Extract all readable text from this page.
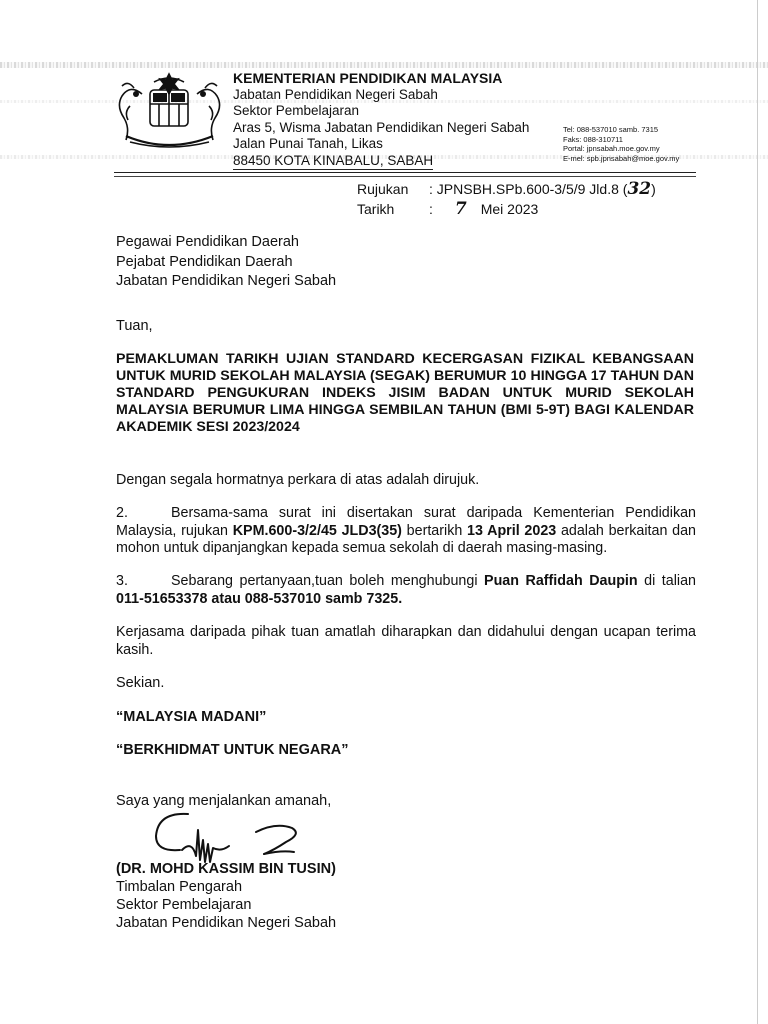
KEMENTERIAN PENDIDIKAN MALAYSIA
Jabatan Pendidikan Negeri Sabah
Sektor Pembelajaran
Aras 5, Wisma Jabatan Pendidikan Negeri Sabah
Jalan Punai Tanah, Likas
88450 KOTA KINABALU, SABAH
Tel: 088-537010 samb. 7315
Faks: 088-310711
Portal: jpnsabah.moe.gov.my
E-mel: spb.jpnsabah@moe.gov.my
Rujukan	: JPNSBH.SPb.600-3/5/9 Jld.8 ( 32 )
Tarikh	: 7 Mei 2023
Pegawai Pendidikan Daerah
Pejabat Pendidikan Daerah
Jabatan Pendidikan Negeri Sabah
Tuan,
PEMAKLUMAN TARIKH UJIAN STANDARD KECERGASAN FIZIKAL KEBANGSAAN UNTUK MURID SEKOLAH MALAYSIA (SEGAK) BERUMUR 10 HINGGA 17 TAHUN DAN STANDARD PENGUKURAN INDEKS JISIM BADAN UNTUK MURID SEKOLAH MALAYSIA BERUMUR LIMA HINGGA SEMBILAN TAHUN (BMI 5-9T) BAGI KALENDAR AKADEMIK SESI 2023/2024
Dengan segala hormatnya perkara di atas adalah dirujuk.
2.	Bersama-sama surat ini disertakan surat daripada Kementerian Pendidikan Malaysia, rujukan KPM.600-3/2/45 JLD3(35) bertarikh 13 April 2023 adalah berkaitan dan mohon untuk dipanjangkan kepada semua sekolah di daerah masing-masing.
3.	Sebarang pertanyaan,tuan boleh menghubungi Puan Raffidah Daupin di talian 011-51653378 atau 088-537010 samb 7325.
Kerjasama daripada pihak tuan amatlah diharapkan dan didahului dengan ucapan terima kasih.
Sekian.
“MALAYSIA MADANI”
“BERKHIDMAT UNTUK NEGARA”
Saya yang menjalankan amanah,
(DR. MOHD KASSIM BIN TUSIN)
Timbalan Pengarah
Sektor Pembelajaran
Jabatan Pendidikan Negeri Sabah
